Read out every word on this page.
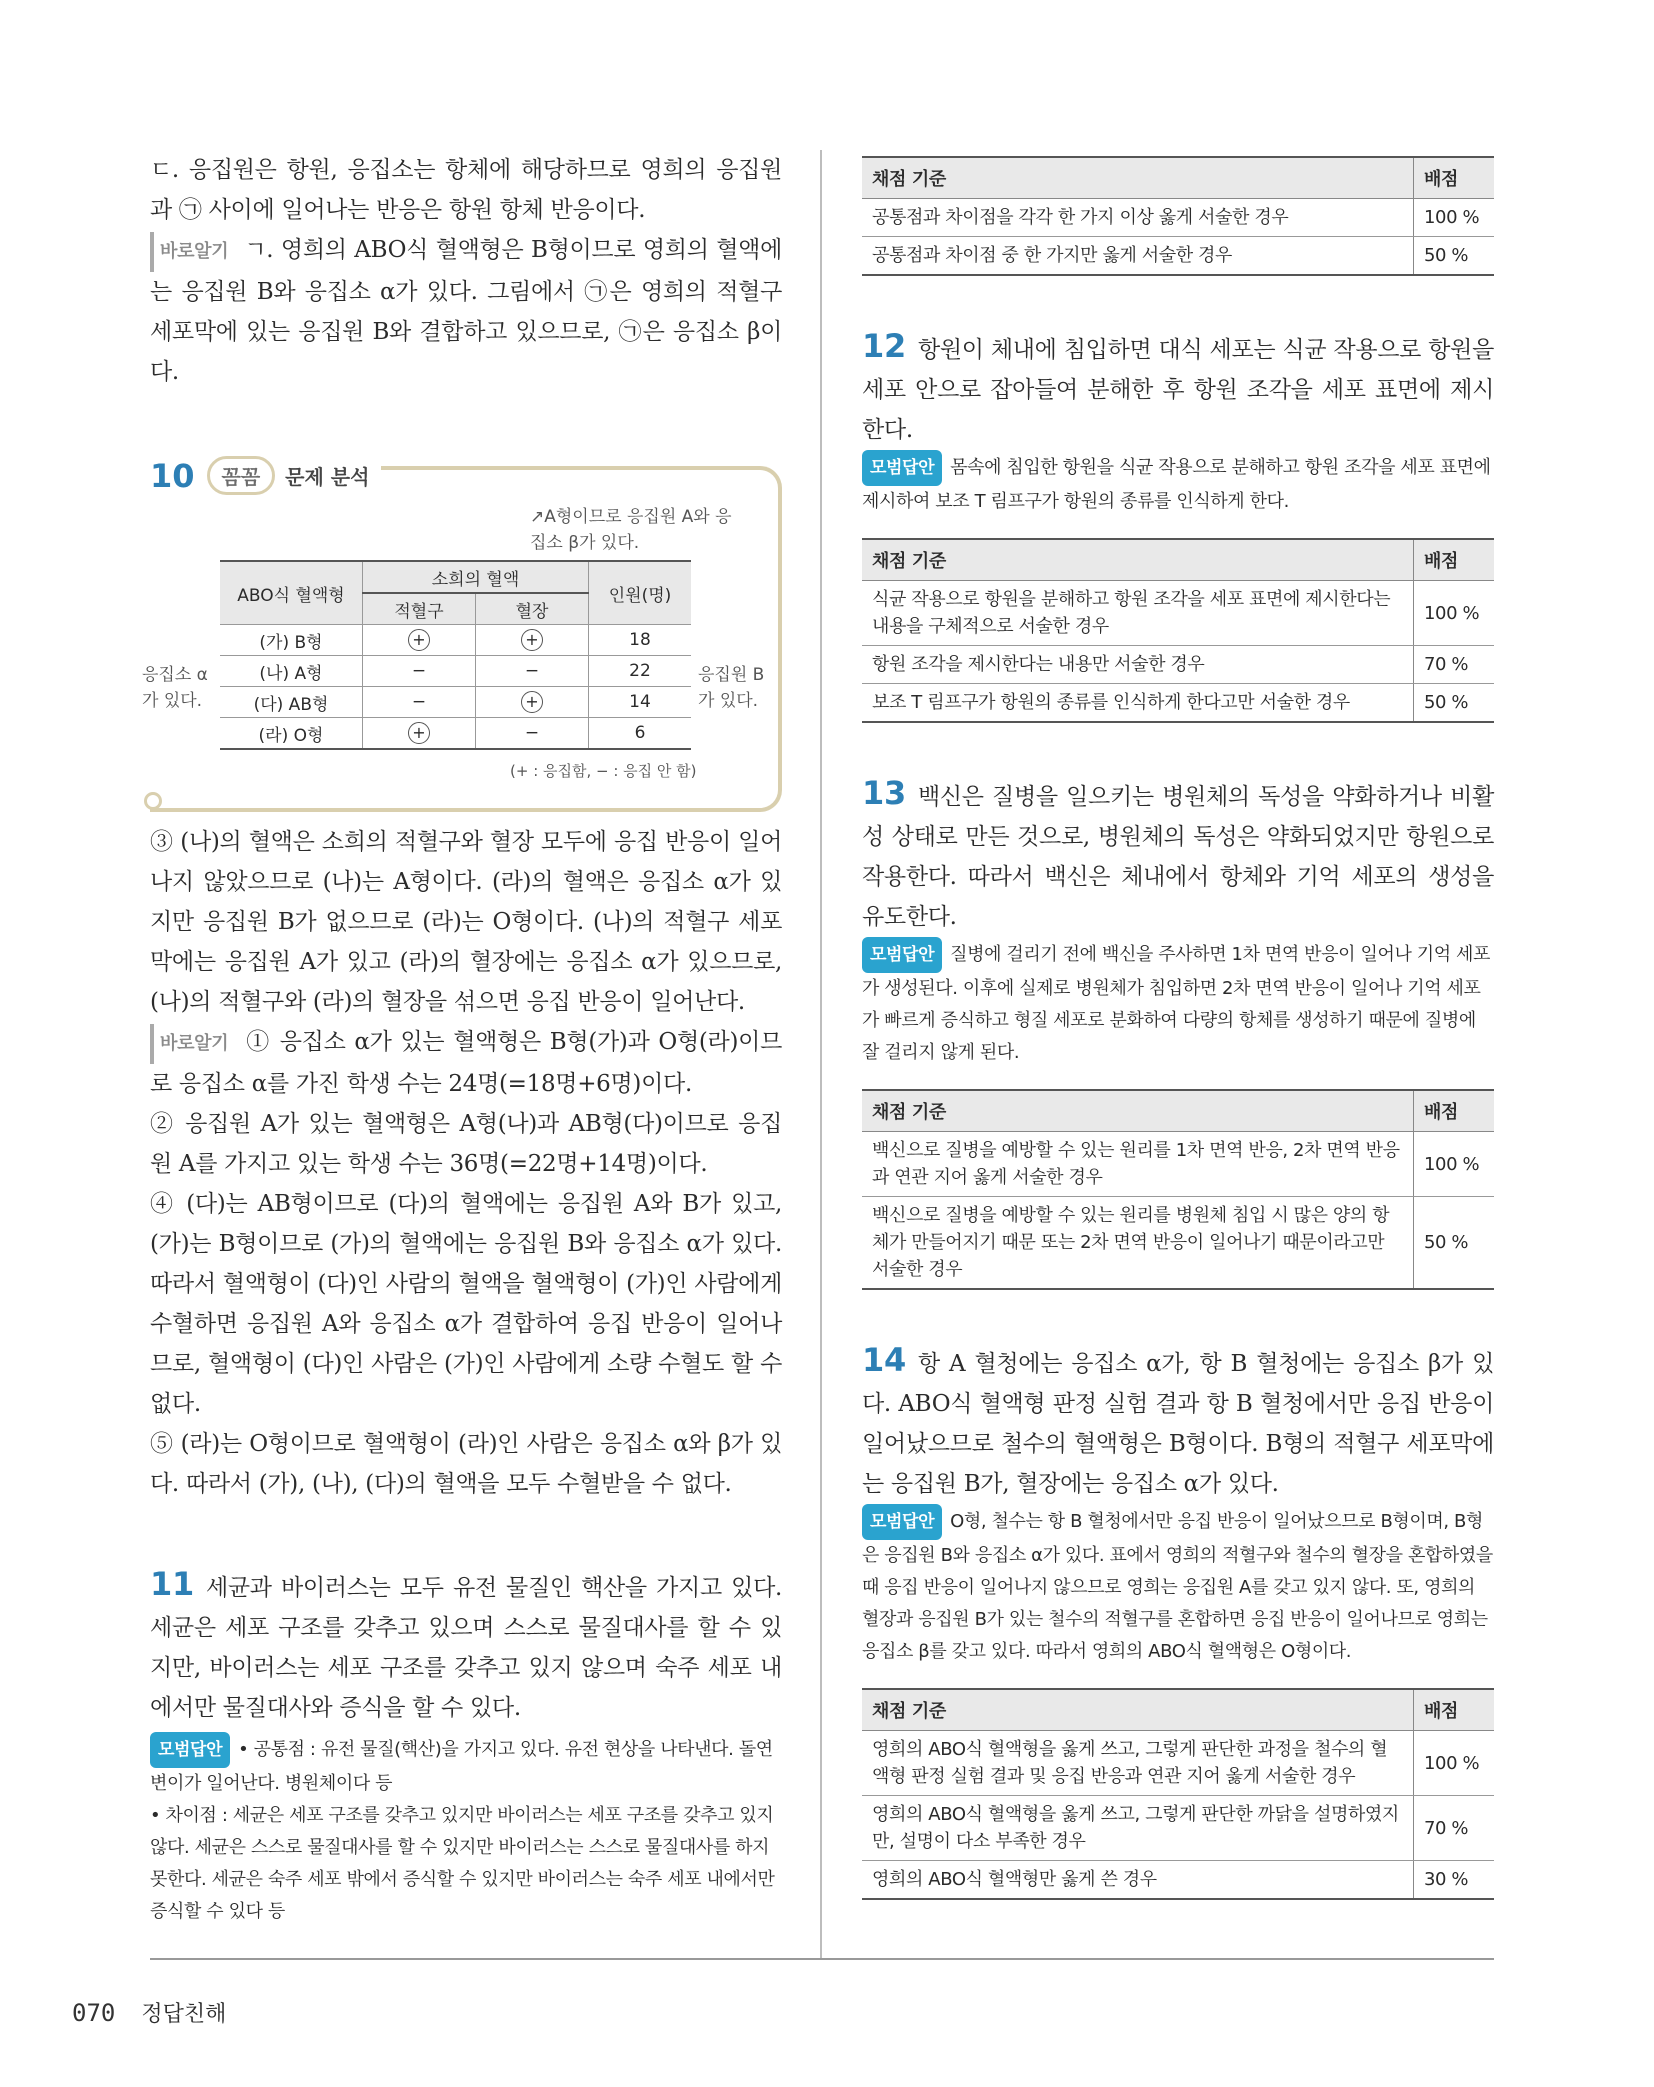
ㄷ. 응집원은 항원, 응집소는 항체에 해당하므로 영희의 응집원과 ㉠ 사이에 일어나는 반응은 항원 항체 반응이다.

바로알기 ㄱ. 영희의 ABO식 혈액형은 B형이므로 영희의 혈액에는 응집원 B와 응집소 α가 있다. 그림에서 ㉠은 영희의 적혈구 세포막에 있는 응집원 B와 결합하고 있으므로, ㉠은 응집소 β이다.

10	꼼꼼	문제 분석
↗A형이므로 응집원 A와 응집소 β가 있다.
응집소 α가 있다.
응집원 B가 있다.
ABO식 혈액형	소희의 혈액		인원(명)
	적혈구	혈장	
(가) B형	+	+	18
(나) A형	−	−	22
(다) AB형	−	+	14
(라) O형	+	−	6
(+ : 응집함, − : 응집 안 함)

③ (나)의 혈액은 소희의 적혈구와 혈장 모두에 응집 반응이 일어나지 않았으므로 (나)는 A형이다. (라)의 혈액은 응집소 α가 있지만 응집원 B가 없으므로 (라)는 O형이다. (나)의 적혈구 세포막에는 응집원 A가 있고 (라)의 혈장에는 응집소 α가 있으므로, (나)의 적혈구와 (라)의 혈장을 섞으면 응집 반응이 일어난다.

바로알기 ① 응집소 α가 있는 혈액형은 B형(가)과 O형(라)이므로 응집소 α를 가진 학생 수는 24명(=18명+6명)이다.

② 응집원 A가 있는 혈액형은 A형(나)과 AB형(다)이므로 응집원 A를 가지고 있는 학생 수는 36명(=22명+14명)이다.

④ (다)는 AB형이므로 (다)의 혈액에는 응집원 A와 B가 있고, (가)는 B형이므로 (가)의 혈액에는 응집원 B와 응집소 α가 있다. 따라서 혈액형이 (다)인 사람의 혈액을 혈액형이 (가)인 사람에게 수혈하면 응집원 A와 응집소 α가 결합하여 응집 반응이 일어나므로, 혈액형이 (다)인 사람은 (가)인 사람에게 소량 수혈도 할 수 없다.

⑤ (라)는 O형이므로 혈액형이 (라)인 사람은 응집소 α와 β가 있다. 따라서 (가), (나), (다)의 혈액을 모두 수혈받을 수 없다.

11 세균과 바이러스는 모두 유전 물질인 핵산을 가지고 있다. 세균은 세포 구조를 갖추고 있으며 스스로 물질대사를 할 수 있지만, 바이러스는 세포 구조를 갖추고 있지 않으며 숙주 세포 내에서만 물질대사와 증식을 할 수 있다.

모범답안 • 공통점 : 유전 물질(핵산)을 가지고 있다. 유전 현상을 나타낸다. 돌연변이가 일어난다. 병원체이다 등

• 차이점 : 세균은 세포 구조를 갖추고 있지만 바이러스는 세포 구조를 갖추고 있지 않다. 세균은 스스로 물질대사를 할 수 있지만 바이러스는 스스로 물질대사를 하지 못한다. 세균은 숙주 세포 밖에서 증식할 수 있지만 바이러스는 숙주 세포 내에서만 증식할 수 있다 등

채점 기준	배점
공통점과 차이점을 각각 한 가지 이상 옳게 서술한 경우	100 %
공통점과 차이점 중 한 가지만 옳게 서술한 경우	50 %

12 항원이 체내에 침입하면 대식 세포는 식균 작용으로 항원을 세포 안으로 잡아들여 분해한 후 항원 조각을 세포 표면에 제시한다.

모범답안 몸속에 침입한 항원을 식균 작용으로 분해하고 항원 조각을 세포 표면에 제시하여 보조 T 림프구가 항원의 종류를 인식하게 한다.

채점 기준	배점
식균 작용으로 항원을 분해하고 항원 조각을 세포 표면에 제시한다는 내용을 구체적으로 서술한 경우	100 %
항원 조각을 제시한다는 내용만 서술한 경우	70 %
보조 T 림프구가 항원의 종류를 인식하게 한다고만 서술한 경우	50 %

13 백신은 질병을 일으키는 병원체의 독성을 약화하거나 비활성 상태로 만든 것으로, 병원체의 독성은 약화되었지만 항원으로 작용한다. 따라서 백신은 체내에서 항체와 기억 세포의 생성을 유도한다.

모범답안 질병에 걸리기 전에 백신을 주사하면 1차 면역 반응이 일어나 기억 세포가 생성된다. 이후에 실제로 병원체가 침입하면 2차 면역 반응이 일어나 기억 세포가 빠르게 증식하고 형질 세포로 분화하여 다량의 항체를 생성하기 때문에 질병에 잘 걸리지 않게 된다.

채점 기준	배점
백신으로 질병을 예방할 수 있는 원리를 1차 면역 반응, 2차 면역 반응과 연관 지어 옳게 서술한 경우	100 %
백신으로 질병을 예방할 수 있는 원리를 병원체 침입 시 많은 양의 항체가 만들어지기 때문 또는 2차 면역 반응이 일어나기 때문이라고만 서술한 경우	50 %

14 항 A 혈청에는 응집소 α가, 항 B 혈청에는 응집소 β가 있다. ABO식 혈액형 판정 실험 결과 항 B 혈청에서만 응집 반응이 일어났으므로 철수의 혈액형은 B형이다. B형의 적혈구 세포막에는 응집원 B가, 혈장에는 응집소 α가 있다.

모범답안 O형, 철수는 항 B 혈청에서만 응집 반응이 일어났으므로 B형이며, B형은 응집원 B와 응집소 α가 있다. 표에서 영희의 적혈구와 철수의 혈장을 혼합하였을 때 응집 반응이 일어나지 않으므로 영희는 응집원 A를 갖고 있지 않다. 또, 영희의 혈장과 응집원 B가 있는 철수의 적혈구를 혼합하면 응집 반응이 일어나므로 영희는 응집소 β를 갖고 있다. 따라서 영희의 ABO식 혈액형은 O형이다.

채점 기준	배점
영희의 ABO식 혈액형을 옳게 쓰고, 그렇게 판단한 과정을 철수의 혈액형 판정 실험 결과 및 응집 반응과 연관 지어 옳게 서술한 경우	100 %
영희의 ABO식 혈액형을 옳게 쓰고, 그렇게 판단한 까닭을 설명하였지만, 설명이 다소 부족한 경우	70 %
영희의 ABO식 혈액형만 옳게 쓴 경우	30 %
070 정답친해
